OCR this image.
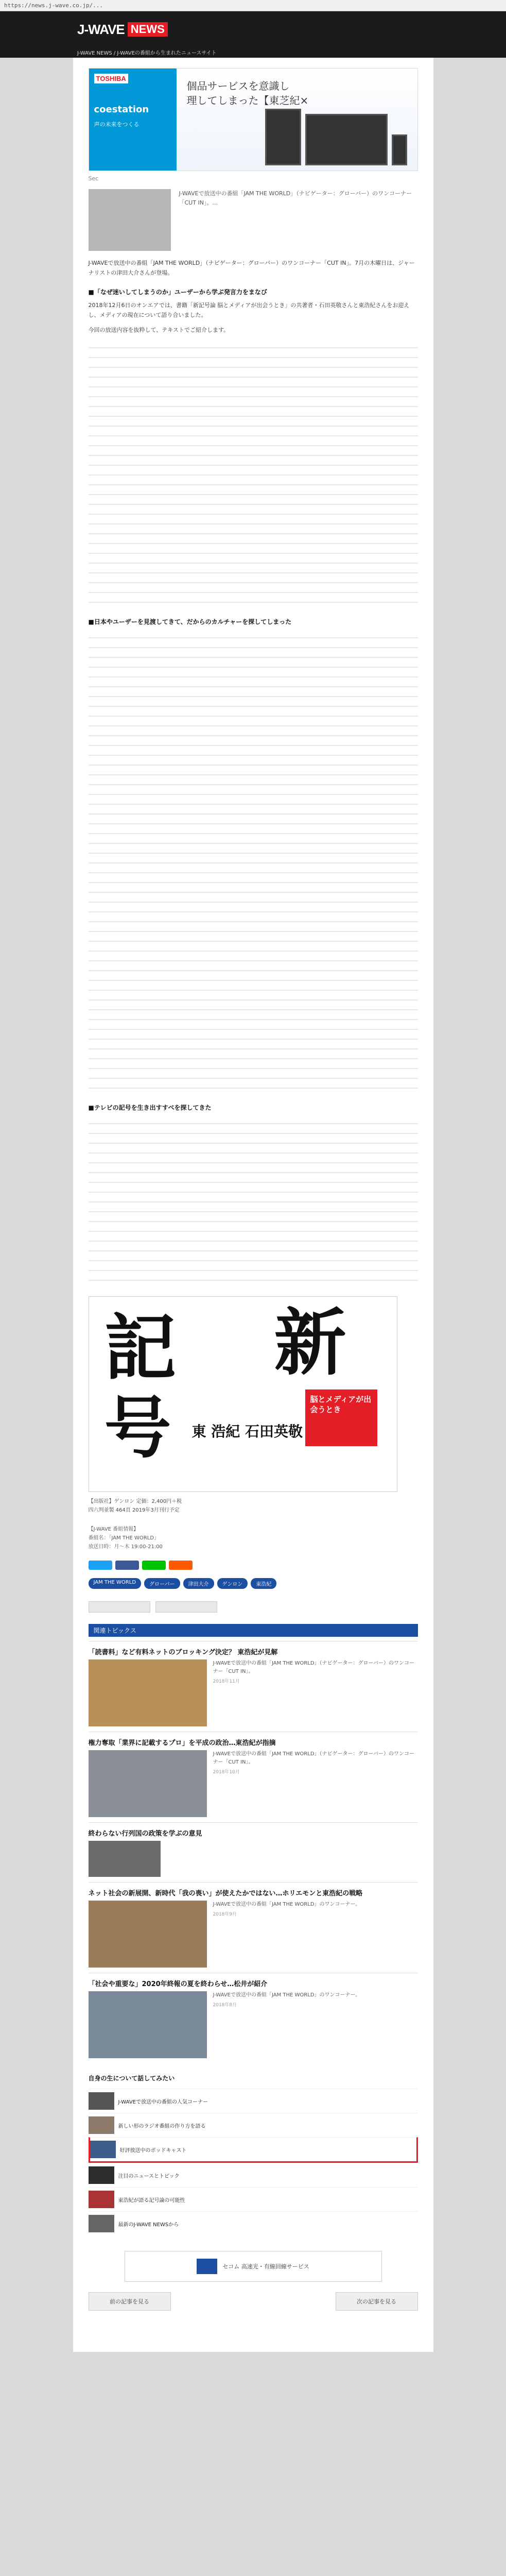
https://news.j-wave.co.jp/...
J-WAVE NEWS
J-WAVE NEWS / J-WAVEの番組から生まれたニュースサイト
TOSHIBA
coestation
声の未来をつくる
個品サービスを意識し
理してしまった【東芝紀×
Sec
J-WAVEで放送中の番組「JAM THE WORLD」（ナビゲーター：グローバー）のワンコーナー「CUT IN」。...

J-WAVEで放送中の番組「JAM THE WORLD」（ナビゲーター：グローバー）のワンコーナー「CUT IN」。7月の木曜日は、ジャーナリストの津田大介さんが登場。

■「なぜ迷いしてしまうのか」ユーザーから学ぶ発言力をまなび

2018年12月6日のオンエアでは、書籍「新記号論 脳とメディアが出会うとき」の共著者・石田英敬さんと東浩紀さんをお迎えし、メディアの現在について語り合いました。

今回の放送内容を抜粋して、テキストでご紹介します。

■日本やユーザーを見渡してきて、だからのカルチャーを探してしまった
■テレビの記号を生き出すすべを探してきた
記 新
号	脳とメディアが出会うとき
東 浩紀 石田英敬
【出版社】ゲンロン 定価：2,400円＋税
四六判並製 464頁 2019年3月刊行予定
【J-WAVE 番組情報】
番組名：「JAM THE WORLD」
放送日時：月〜木 19:00-21:00
JAM THE WORLD	グローバー	津田大介	ゲンロン	東浩紀
関連トピックス
「読書料」など有料ネットのブロッキング決定？ 東浩紀が見解
J-WAVEで放送中の番組「JAM THE WORLD」（ナビゲーター：グローバー）のワンコーナー「CUT IN」。
2018年11月
権力奪取「業界に記載するプロ」を平成の政治…東浩紀が指摘
J-WAVEで放送中の番組「JAM THE WORLD」（ナビゲーター：グローバー）のワンコーナー「CUT IN」。
2018年10月
終わらない行列国の政策を学ぶの意見
ネット社会の新展開、新時代「我の喪い」が使えたかではない…ホリエモンと東浩紀の戦略
J-WAVEで放送中の番組「JAM THE WORLD」のワンコーナー。
2018年9月
「社会や重要な」2020年終報の夏を終わらせ…松井が紹介
J-WAVEで放送中の番組「JAM THE WORLD」のワンコーナー。
2018年8月
自身の生について話してみたい
J-WAVEで放送中の番組の人気コーナー
新しい形のラジオ番組の作り方を語る
好評放送中のポッドキャスト
注目のニュースとトピック
東浩紀が語る記号論の可能性
最新のJ-WAVE NEWSから
セコム 高速光・有線回線サービス
前の記事を見る	次の記事を見る
